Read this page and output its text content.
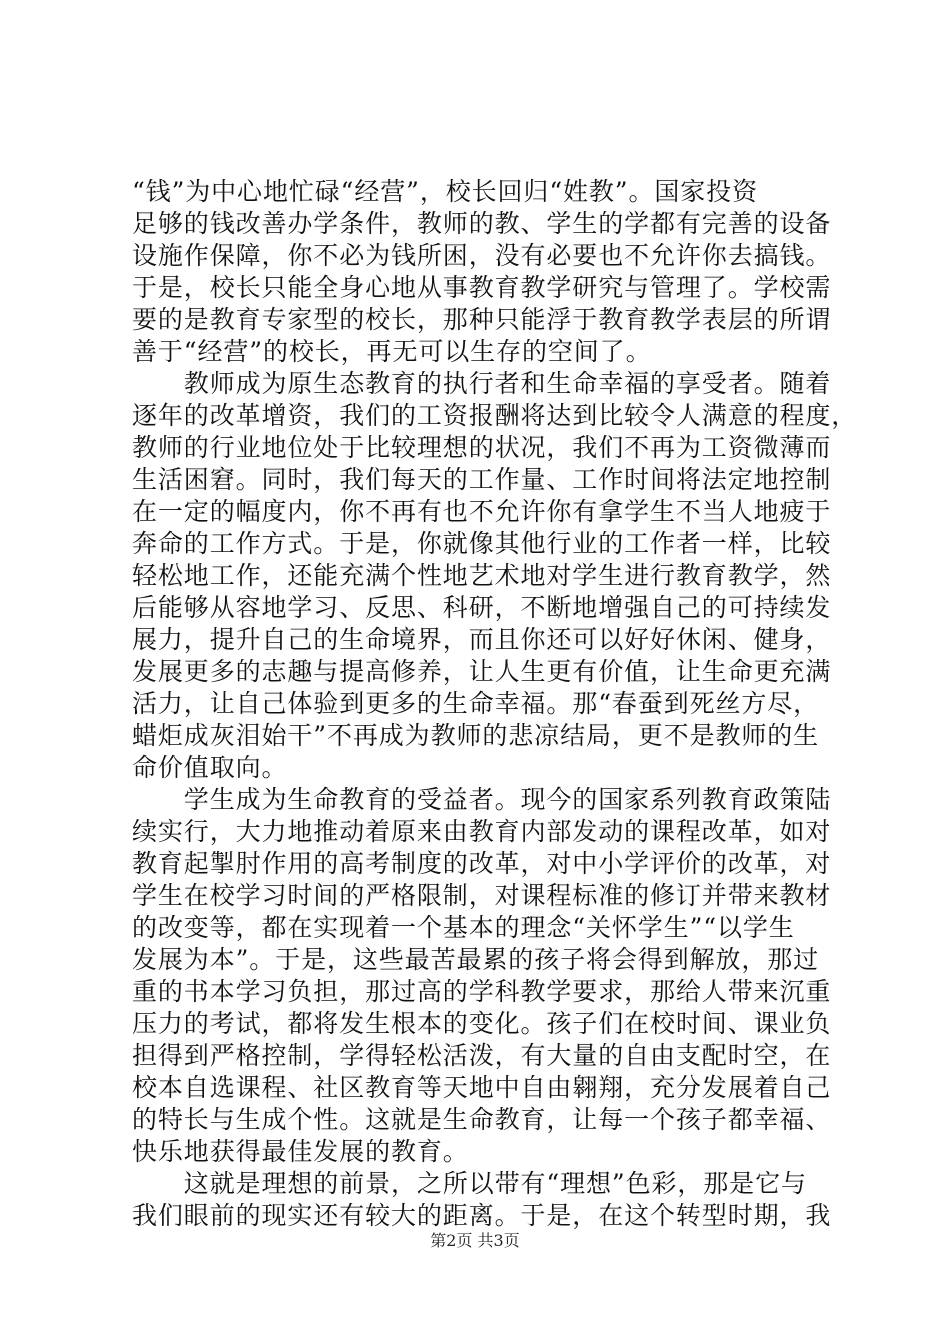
“钱”为中心地忙碌“经营”，校长回归“姓教”。国家投资
足够的钱改善办学条件，教师的教、学生的学都有完善的设备
设施作保障，你不必为钱所困，没有必要也不允许你去搞钱。
于是，校长只能全身心地从事教育教学研究与管理了。学校需
要的是教育专家型的校长，那种只能浮于教育教学表层的所谓
善于“经营”的校长，再无可以生存的空间了。
　　教师成为原生态教育的执行者和生命幸福的享受者。随着
逐年的改革增资，我们的工资报酬将达到比较令人满意的程度，
教师的行业地位处于比较理想的状况，我们不再为工资微薄而
生活困窘。同时，我们每天的工作量、工作时间将法定地控制
在一定的幅度内，你不再有也不允许你有拿学生不当人地疲于
奔命的工作方式。于是，你就像其他行业的工作者一样，比较
轻松地工作，还能充满个性地艺术地对学生进行教育教学，然
后能够从容地学习、反思、科研，不断地增强自己的可持续发
展力，提升自己的生命境界，而且你还可以好好休闲、健身，
发展更多的志趣与提高修养，让人生更有价值，让生命更充满
活力，让自己体验到更多的生命幸福。那“春蚕到死丝方尽，
蜡炬成灰泪始干”不再成为教师的悲凉结局，更不是教师的生
命价值取向。
　　学生成为生命教育的受益者。现今的国家系列教育政策陆
续实行，大力地推动着原来由教育内部发动的课程改革，如对
教育起掣肘作用的高考制度的改革，对中小学评价的改革，对
学生在校学习时间的严格限制，对课程标准的修订并带来教材
的改变等，都在实现着一个基本的理念“关怀学生”“以学生
发展为本”。于是，这些最苦最累的孩子将会得到解放，那过
重的书本学习负担，那过高的学科教学要求，那给人带来沉重
压力的考试，都将发生根本的变化。孩子们在校时间、课业负
担得到严格控制，学得轻松活泼，有大量的自由支配时空，在
校本自选课程、社区教育等天地中自由翱翔，充分发展着自己
的特长与生成个性。这就是生命教育，让每一个孩子都幸福、
快乐地获得最佳发展的教育。
　　这就是理想的前景，之所以带有“理想”色彩，那是它与
我们眼前的现实还有较大的距离。于是，在这个转型时期，我
第2页 共3页
